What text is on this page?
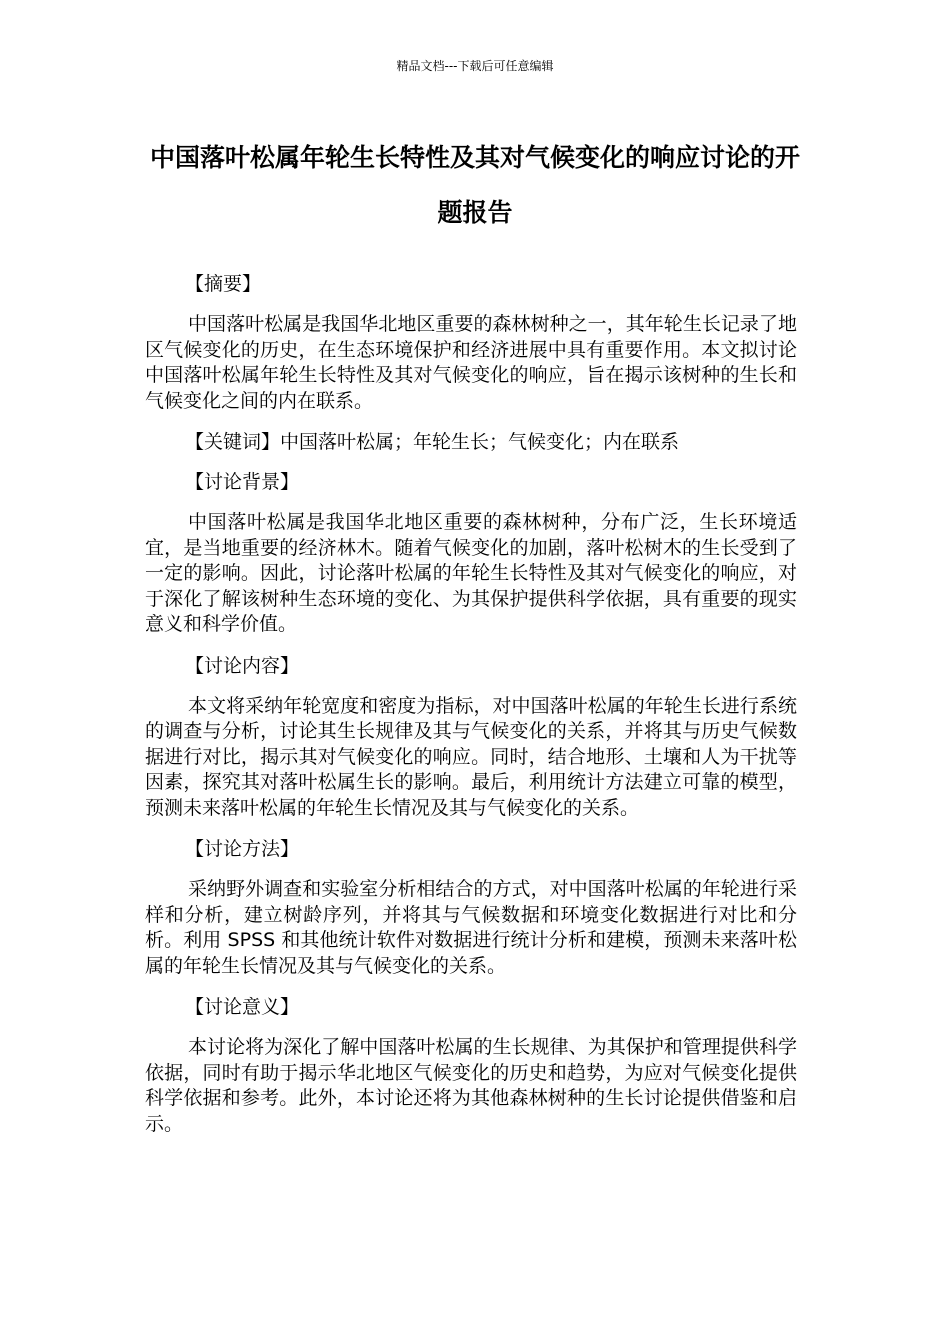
精品文档---下载后可任意编辑
中国落叶松属年轮生长特性及其对气候变化的响应讨论的开题报告

【摘要】

中国落叶松属是我国华北地区重要的森林树种之一，其年轮生长记录了地区气候变化的历史，在生态环境保护和经济进展中具有重要作用。本文拟讨论中国落叶松属年轮生长特性及其对气候变化的响应，旨在揭示该树种的生长和气候变化之间的内在联系。

【关键词】中国落叶松属；年轮生长；气候变化；内在联系

【讨论背景】

中国落叶松属是我国华北地区重要的森林树种，分布广泛，生长环境适宜，是当地重要的经济林木。随着气候变化的加剧，落叶松树木的生长受到了一定的影响。因此，讨论落叶松属的年轮生长特性及其对气候变化的响应，对于深化了解该树种生态环境的变化、为其保护提供科学依据，具有重要的现实意义和科学价值。

【讨论内容】

本文将采纳年轮宽度和密度为指标，对中国落叶松属的年轮生长进行系统的调查与分析，讨论其生长规律及其与气候变化的关系，并将其与历史气候数据进行对比，揭示其对气候变化的响应。同时，结合地形、土壤和人为干扰等因素，探究其对落叶松属生长的影响。最后，利用统计方法建立可靠的模型，预测未来落叶松属的年轮生长情况及其与气候变化的关系。

【讨论方法】

采纳野外调查和实验室分析相结合的方式，对中国落叶松属的年轮进行采样和分析，建立树龄序列，并将其与气候数据和环境变化数据进行对比和分析。利用 SPSS 和其他统计软件对数据进行统计分析和建模，预测未来落叶松属的年轮生长情况及其与气候变化的关系。

【讨论意义】

本讨论将为深化了解中国落叶松属的生长规律、为其保护和管理提供科学依据，同时有助于揭示华北地区气候变化的历史和趋势，为应对气候变化提供科学依据和参考。此外，本讨论还将为其他森林树种的生长讨论提供借鉴和启示。
